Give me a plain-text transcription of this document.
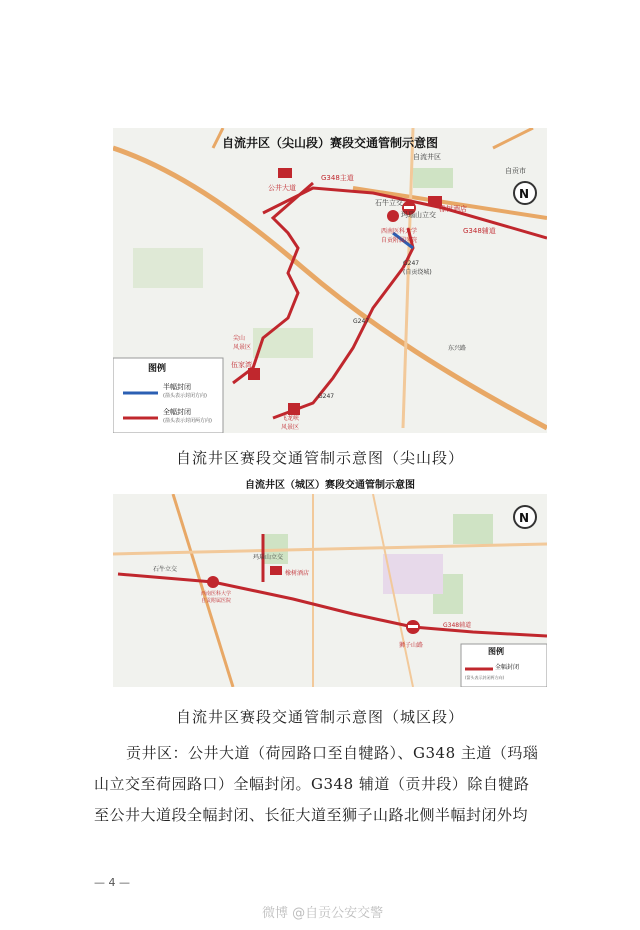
N
自流井区（尖山段）赛段交通管制示意图
自流井区
自贡市
G348主道
公井大道
石牛立交
玛瑙山立交
橡树酒店
西南医科大学
自贡附属医院
G348辅道
G247
(自贡绕城)
尖山
风景区
伍家湾
飞龙峡
风景区
G247
G247
东兴路
图例
半幅封闭
(箭头表示封闭方向)
全幅封闭
(箭头表示封闭两方向)
自流井区赛段交通管制示意图（尖山段）
N
自流井区（城区）赛段交通管制示意图
石牛立交
玛瑙山立交
西南医科大学
自贡附属医院
橡树酒店
狮子山路
G348辅道
图例
全幅封闭
(箭头表示封闭两方向)
自流井区赛段交通管制示意图（城区段）
贡井区：公井大道（荷园路口至自犍路）、G348 主道（玛瑙
山立交至荷园路口）全幅封闭。G348 辅道（贡井段）除自犍路
至公井大道段全幅封闭、长征大道至狮子山路北侧半幅封闭外均
— 4 —
微博 @自贡公安交警
